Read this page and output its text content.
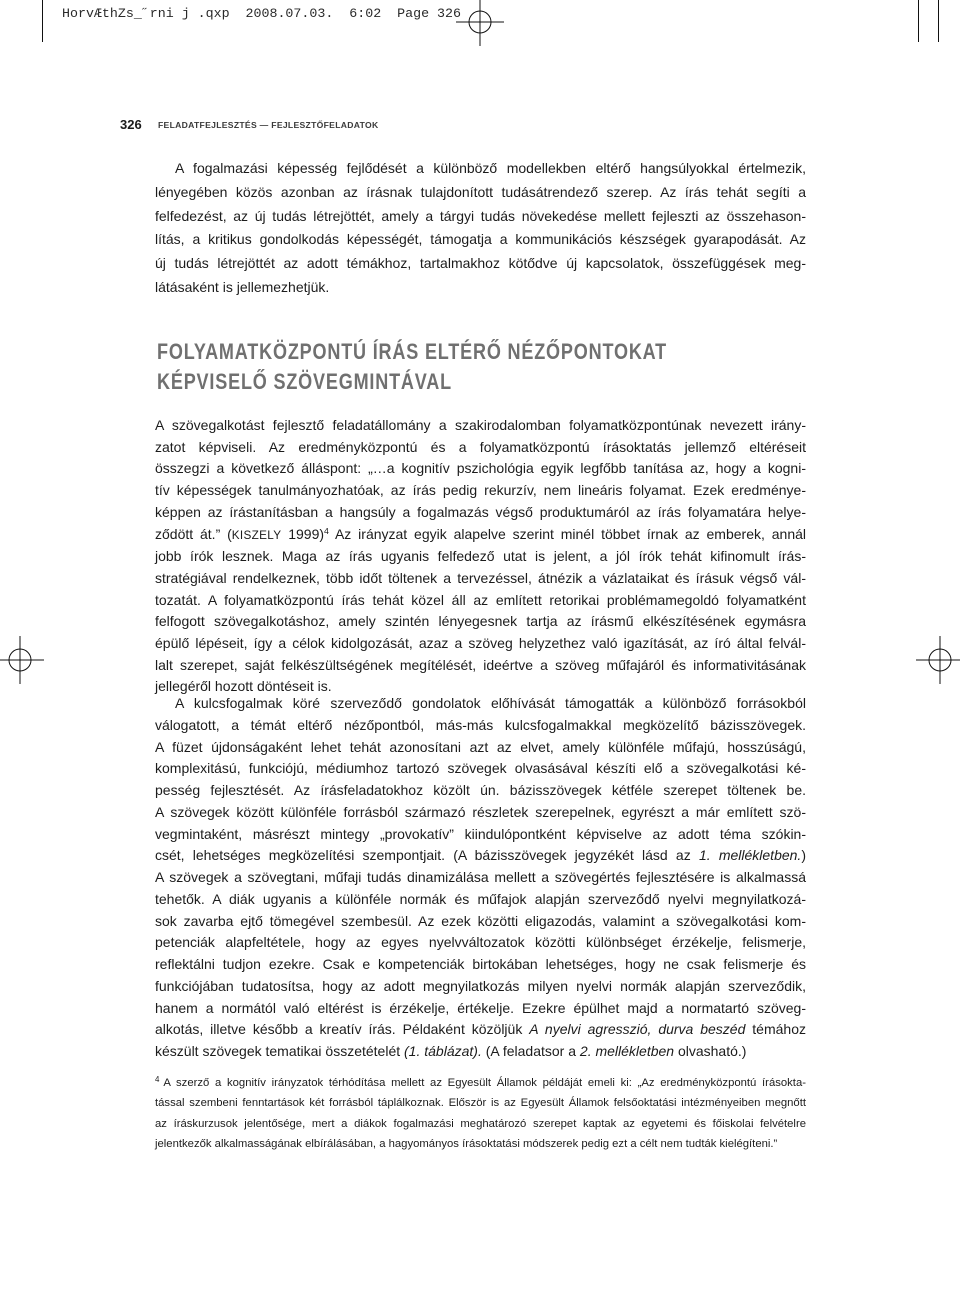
HorvÆthZs_˝rni j .qxp  2008.07.03.  6:02  Page 326
326 FELADATFEJLESZTÉS — FEJLESZTŐFELADATOK
A fogalmazási képesség fejlődését a különböző modellekben eltérő hangsúlyokkal értelmezik,
lényegében közös azonban az írásnak tulajdonított tudásátrendező szerep. Az írás tehát segíti a
felfedezést, az új tudás létrejöttét, amely a tárgyi tudás növekedése mellett fejleszti az összehason-
lítás, a kritikus gondolkodás képességét, támogatja a kommunikációs készségek gyarapodását. Az
új tudás létrejöttét az adott témákhoz, tartalmakhoz kötődve új kapcsolatok, összefüggések meg-
látásaként is jellemezhetjük.
FOLYAMATKÖZPONTÚ ÍRÁS ELTÉRŐ NÉZŐPONTOKAT
KÉPVISELŐ SZÖVEGMINTÁVAL
A szövegalkotást fejlesztő feladatállomány a szakirodalomban folyamatközpontúnak nevezett irány-
zatot képviseli. Az eredményközpontú és a folyamatközpontú írásoktatás jellemző eltéréseit
összegzi a következő álláspont: „…a kognitív pszichológia egyik legfőbb tanítása az, hogy a kogni-
tív képességek tanulmányozhatóak, az írás pedig rekurzív, nem lineáris folyamat. Ezek eredménye-
képpen az írástanításban a hangsúly a fogalmazás végső produktumáról az írás folyamatára helye-
ződött át.” (KISZELY 1999)$^4$ Az irányzat egyik alapelve szerint minél többet írnak az emberek, annál
jobb írók lesznek. Maga az írás ugyanis felfedező utat is jelent, a jól írók tehát kifinomult írás-
stratégiával rendelkeznek, több időt töltenek a tervezéssel, átnézik a vázlataikat és írásuk végső vál-
tozatát. A folyamatközpontú írás tehát közel áll az említett retorikai problémamegoldó folyamatként
felfogott szövegalkotáshoz, amely szintén lényegesnek tartja az írásmű elkészítésének egymásra
épülő lépéseit, így a célok kidolgozását, azaz a szöveg helyzethez való igazítását, az író által felvál-
lalt szerepet, saját felkészültségének megítélését, ideértve a szöveg műfajáról és informativitásának
jellegéről hozott döntéseit is.
A kulcsfogalmak köré szerveződő gondolatok előhívását támogatták a különböző forrásokból
válogatott, a témát eltérő nézőpontból, más-más kulcsfogalmakkal megközelítő bázisszövegek.
A füzet újdonságaként lehet tehát azonosítani azt az elvet, amely különféle műfajú, hosszúságú,
komplexitású, funkciójú, médiumhoz tartozó szövegek olvasásával készíti elő a szövegalkotási ké-
pesség fejlesztését. Az írásfeladatokhoz közölt ún. bázisszövegek kétféle szerepet töltenek be.
A szövegek között különféle forrásból származó részletek szerepelnek, egyrészt a már említett szö-
vegmintaként, másrészt mintegy „provokatív” kiindulópontként képviselve az adott téma szókin-
csét, lehetséges megközelítési szempontjait. (A bázisszövegek jegyzékét lásd az 1. mellékletben.)
A szövegek a szövegtani, műfaji tudás dinamizálása mellett a szövegértés fejlesztésére is alkalmassá
tehetők. A diák ugyanis a különféle normák és műfajok alapján szerveződő nyelvi megnyilatkozá-
sok zavarba ejtő tömegével szembesül. Az ezek közötti eligazodás, valamint a szövegalkotási kom-
petenciák alapfeltétele, hogy az egyes nyelvváltozatok közötti különbséget érzékelje, felismerje,
reflektálni tudjon ezekre. Csak e kompetenciák birtokában lehetséges, hogy ne csak felismerje és
funkciójában tudatosítsa, hogy az adott megnyilatkozás milyen nyelvi normák alapján szerveződik,
hanem a normától való eltérést is érzékelje, értékelje. Ezekre épülhet majd a normatartó szöveg-
alkotás, illetve később a kreatív írás. Példaként közöljük A nyelvi agresszió, durva beszéd témához
készült szövegek tematikai összetételét (1. táblázat). (A feladatsor a 2. mellékletben olvasható.)
$^4$ A szerző a kognitív irányzatok térhódítása mellett az Egyesült Államok példáját emeli ki: „Az eredményközpontú írásokta-
tással szembeni fenntartások két forrásból táplálkoznak. Először is az Egyesült Államok felsőoktatási intézményeiben megnőtt
az íráskurzusok jelentősége, mert a diákok fogalmazási meghatározó szerepet kaptak az egyetemi és főiskolai felvételre
jelentkezők alkalmasságának elbírálásában, a hagyományos írásoktatási módszerek pedig ezt a célt nem tudták kielégíteni.”
